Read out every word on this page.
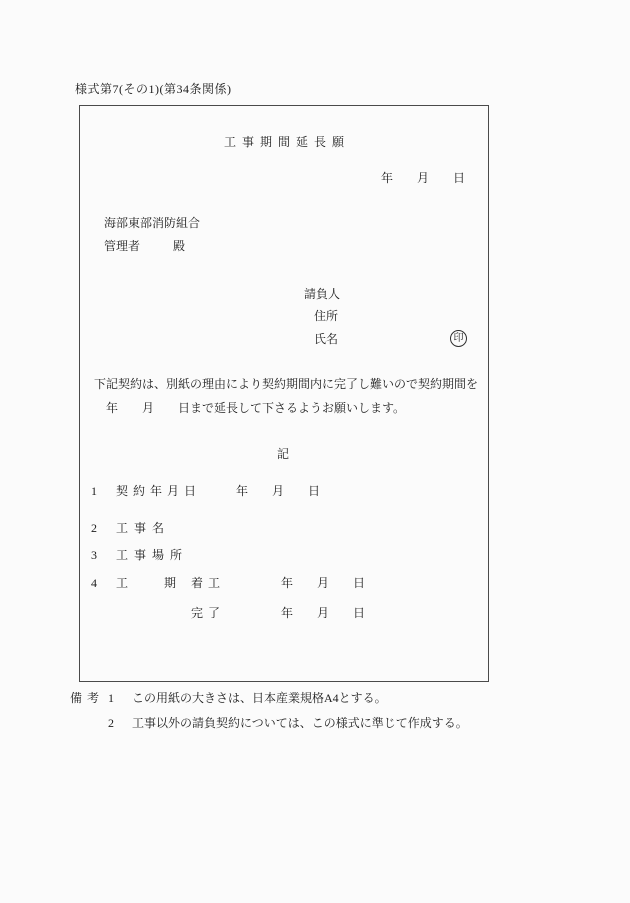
様式第7(その1)(第34条関係)
工 事 期 間 延 長 願
年　　月　　日
海部東部消防組合
管理者	殿
請負人
住所
氏名	印
下記契約は、別紙の理由により契約期間内に完了し難いので契約期間を
年　　月　　日まで延長して下さるようお願いします。
記
1 契約年月日	年　　月　　日
2 工 事 名
3 工 事 場 所
4 工　　　期 着工	年　　月　　日
完了	年　　月　　日
備考 1 この用紙の大きさは、日本産業規格A4とする。
2 工事以外の請負契約については、この様式に準じて作成する。
